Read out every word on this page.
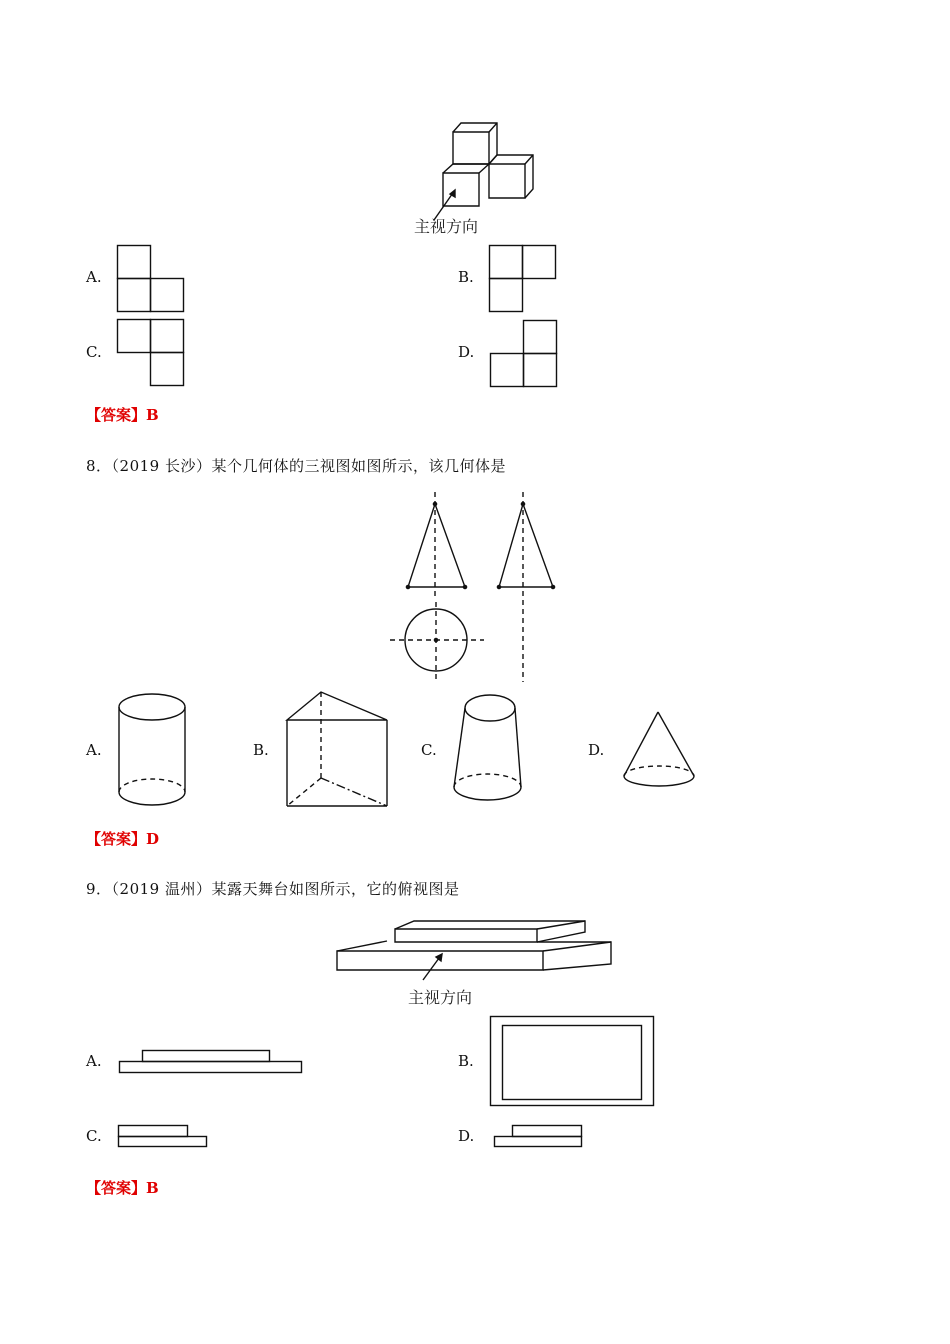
主视方向
A.	B.
C.	D.
【答案】B
8．（2019 长沙）某个几何体的三视图如图所示，该几何体是
A.	B.	C.	D.
【答案】D
9．（2019 温州）某露天舞台如图所示，它的俯视图是
主视方向
A.	B.
C.	D.
【答案】B
